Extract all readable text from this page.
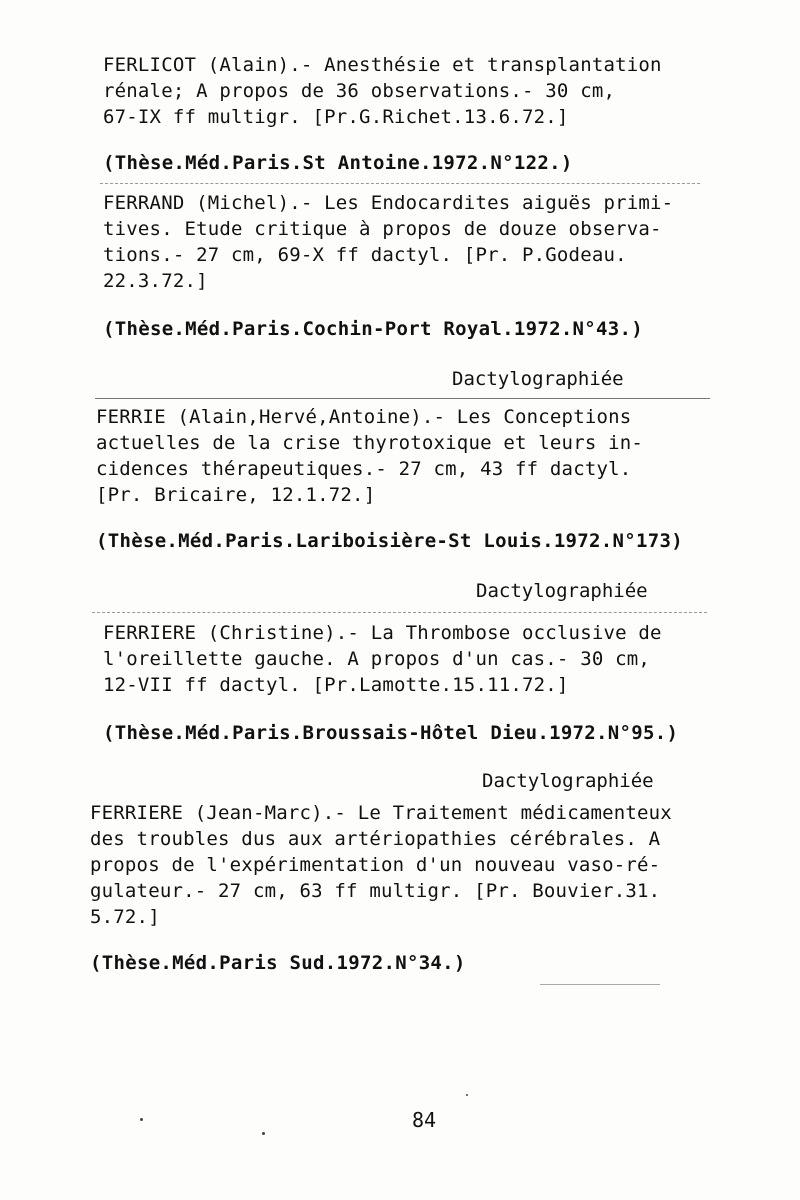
FERLICOT (Alain).- Anesthésie et transplantation
rénale; A propos de 36 observations.- 30 cm,
67-IX ff multigr. [Pr.G.Richet.13.6.72.]
(Thèse.Méd.Paris.St Antoine.1972.N°122.)
FERRAND (Michel).- Les Endocardites aiguës primi-
tives. Etude critique à propos de douze observa-
tions.- 27 cm, 69-X ff dactyl. [Pr. P.Godeau.
22.3.72.]
(Thèse.Méd.Paris.Cochin-Port Royal.1972.N°43.)
Dactylographiée
FERRIE (Alain,Hervé,Antoine).- Les Conceptions
actuelles de la crise thyrotoxique et leurs in-
cidences thérapeutiques.- 27 cm, 43 ff dactyl.
[Pr. Bricaire, 12.1.72.]
(Thèse.Méd.Paris.Lariboisière-St Louis.1972.N°173)
Dactylographiée
FERRIERE (Christine).- La Thrombose occlusive de
l'oreillette gauche. A propos d'un cas.- 30 cm,
12-VII ff dactyl. [Pr.Lamotte.15.11.72.]
(Thèse.Méd.Paris.Broussais-Hôtel Dieu.1972.N°95.)
Dactylographiée
FERRIERE (Jean-Marc).- Le Traitement médicamenteux
des troubles dus aux artériopathies cérébrales. A
propos de l'expérimentation d'un nouveau vaso-ré-
gulateur.- 27 cm, 63 ff multigr. [Pr. Bouvier.31.
5.72.]
(Thèse.Méd.Paris Sud.1972.N°34.)
84
